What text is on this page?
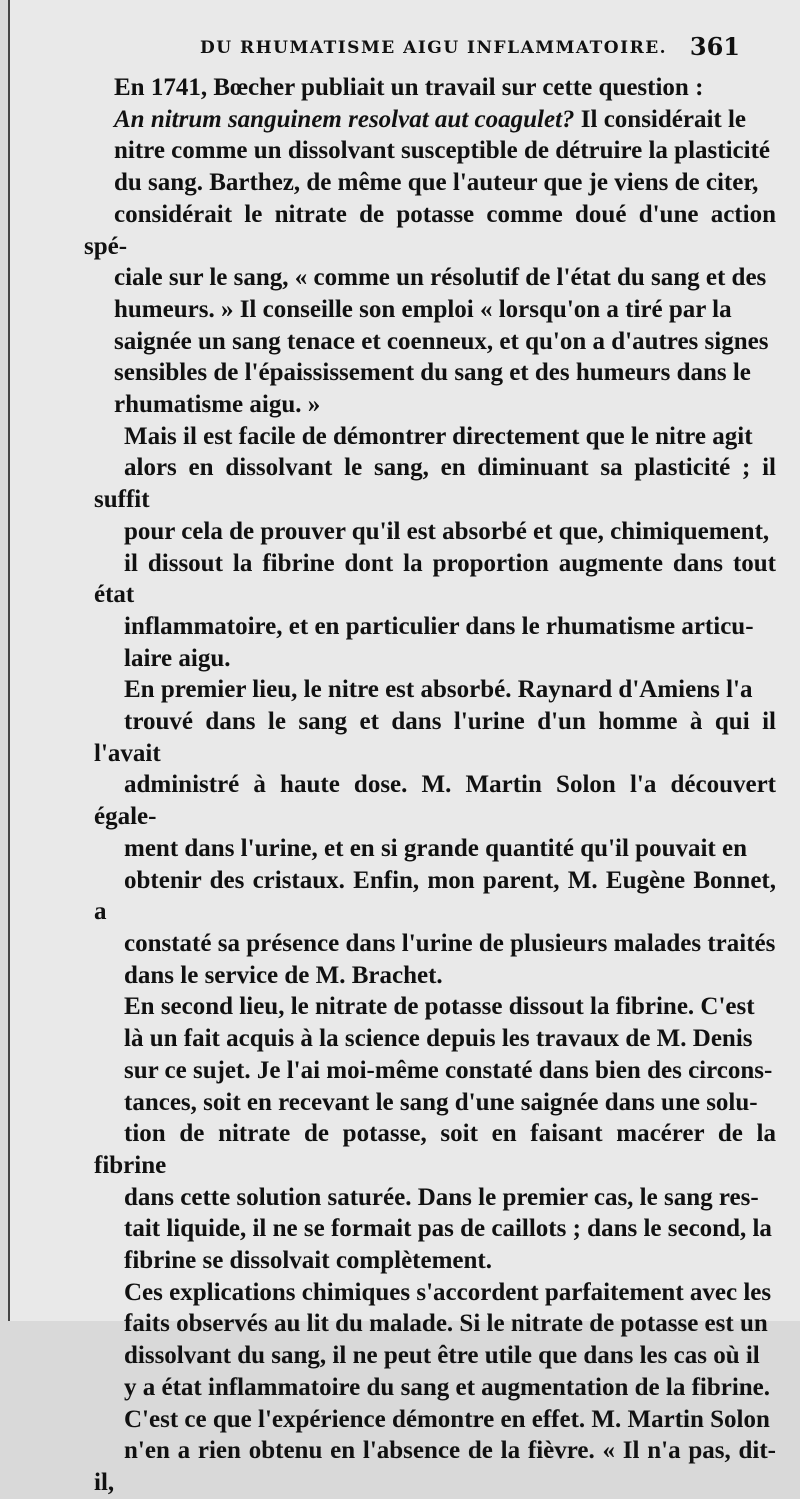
DU RHUMATISME AIGU INFLAMMATOIRE. 361

En 1741, Bœcher publiait un travail sur cette question :
An nitrum sanguinem resolvat aut coagulet? Il considérait le
nitre comme un dissolvant susceptible de détruire la plasticité
du sang. Barthez, de même que l'auteur que je viens de citer,
considérait le nitrate de potasse comme doué d'une action spé-
ciale sur le sang, « comme un résolutif de l'état du sang et des
humeurs. » Il conseille son emploi « lorsqu'on a tiré par la
saignée un sang tenace et coenneux, et qu'on a d'autres signes
sensibles de l'épaississement du sang et des humeurs dans le
rhumatisme aigu. »

Mais il est facile de démontrer directement que le nitre agit
alors en dissolvant le sang, en diminuant sa plasticité ; il suffit
pour cela de prouver qu'il est absorbé et que, chimiquement,
il dissout la fibrine dont la proportion augmente dans tout état
inflammatoire, et en particulier dans le rhumatisme articu-
laire aigu.

En premier lieu, le nitre est absorbé. Raynard d'Amiens l'a
trouvé dans le sang et dans l'urine d'un homme à qui il l'avait
administré à haute dose. M. Martin Solon l'a découvert égale-
ment dans l'urine, et en si grande quantité qu'il pouvait en
obtenir des cristaux. Enfin, mon parent, M. Eugène Bonnet, a
constaté sa présence dans l'urine de plusieurs malades traités
dans le service de M. Brachet.

En second lieu, le nitrate de potasse dissout la fibrine. C'est
là un fait acquis à la science depuis les travaux de M. Denis
sur ce sujet. Je l'ai moi-même constaté dans bien des circons-
tances, soit en recevant le sang d'une saignée dans une solu-
tion de nitrate de potasse, soit en faisant macérer de la fibrine
dans cette solution saturée. Dans le premier cas, le sang res-
tait liquide, il ne se formait pas de caillots ; dans le second, la
fibrine se dissolvait complètement.

Ces explications chimiques s'accordent parfaitement avec les
faits observés au lit du malade. Si le nitrate de potasse est un
dissolvant du sang, il ne peut être utile que dans les cas où il
y a état inflammatoire du sang et augmentation de la fibrine.
C'est ce que l'expérience démontre en effet. M. Martin Solon
n'en a rien obtenu en l'absence de la fièvre. « Il n'a pas, dit-il,
